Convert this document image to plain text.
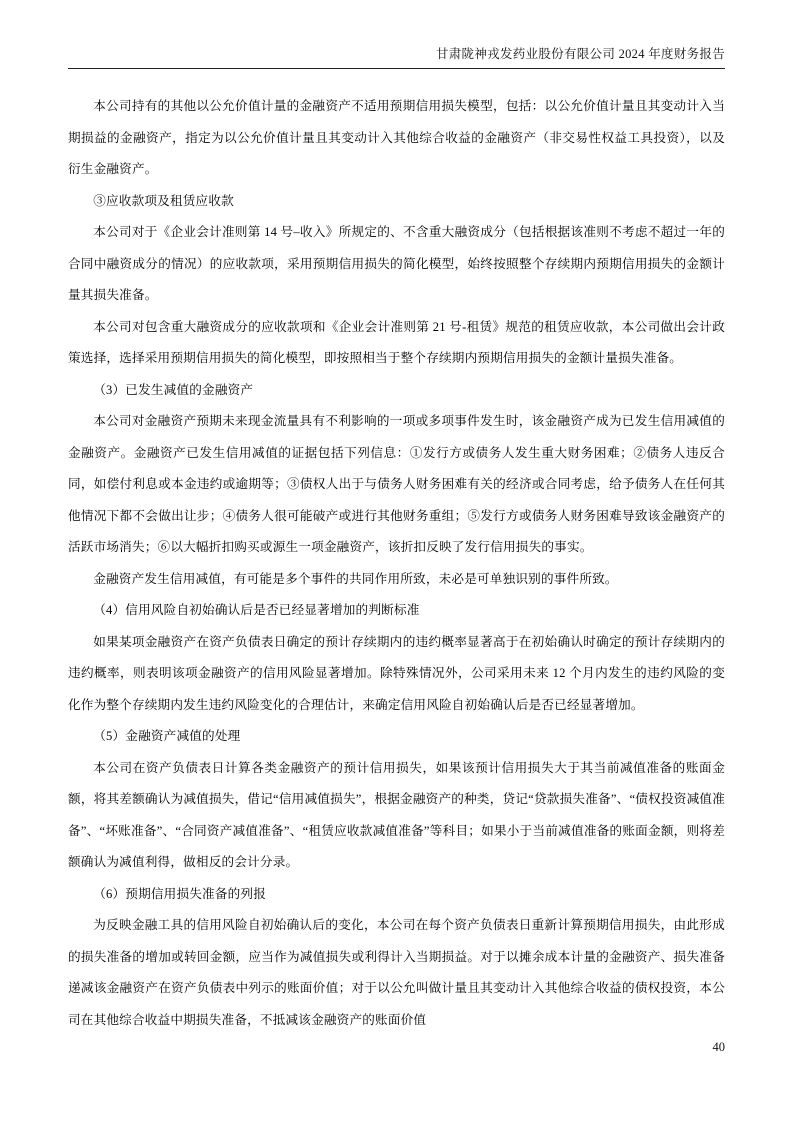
甘肃陇神戎发药业股份有限公司 2024 年度财务报告

本公司持有的其他以公允价值计量的金融资产不适用预期信用损失模型，包括：以公允价值计量且其变动计入当期损益的金融资产，指定为以公允价值计量且其变动计入其他综合收益的金融资产（非交易性权益工具投资），以及衍生金融资产。

③应收款项及租赁应收款

本公司对于《企业会计准则第 14 号–收入》所规定的、不含重大融资成分（包括根据该准则不考虑不超过一年的合同中融资成分的情况）的应收款项，采用预期信用损失的简化模型，始终按照整个存续期内预期信用损失的金额计量其损失准备。

本公司对包含重大融资成分的应收款项和《企业会计准则第 21 号‑租赁》规范的租赁应收款，本公司做出会计政策选择，选择采用预期信用损失的简化模型，即按照相当于整个存续期内预期信用损失的金额计量损失准备。

（3）已发生减值的金融资产

本公司对金融资产预期未来现金流量具有不利影响的一项或多项事件发生时，该金融资产成为已发生信用减值的金融资产。金融资产已发生信用减值的证据包括下列信息：①发行方或债务人发生重大财务困难；②债务人违反合同，如偿付利息或本金违约或逾期等；③债权人出于与债务人财务困难有关的经济或合同考虑，给予债务人在任何其他情况下都不会做出让步；④债务人很可能破产或进行其他财务重组；⑤发行方或债务人财务困难导致该金融资产的活跃市场消失；⑥以大幅折扣购买或源生一项金融资产，该折扣反映了发行信用损失的事实。

金融资产发生信用减值，有可能是多个事件的共同作用所致，未必是可单独识别的事件所致。

（4）信用风险自初始确认后是否已经显著增加的判断标准

如果某项金融资产在资产负债表日确定的预计存续期内的违约概率显著高于在初始确认时确定的预计存续期内的违约概率，则表明该项金融资产的信用风险显著增加。除特殊情况外，公司采用未来 12 个月内发生的违约风险的变化作为整个存续期内发生违约风险变化的合理估计，来确定信用风险自初始确认后是否已经显著增加。

（5）金融资产减值的处理

本公司在资产负债表日计算各类金融资产的预计信用损失，如果该预计信用损失大于其当前减值准备的账面金额，将其差额确认为减值损失，借记“信用减值损失”，根据金融资产的种类，贷记“贷款损失准备”、“债权投资减值准备”、“坏账准备”、“合同资产减值准备”、“租赁应收款减值准备”等科目；如果小于当前减值准备的账面金额，则将差额确认为减值利得，做相反的会计分录。

（6）预期信用损失准备的列报

为反映金融工具的信用风险自初始确认后的变化，本公司在每个资产负债表日重新计算预期信用损失，由此形成的损失准备的增加或转回金额，应当作为减值损失或利得计入当期损益。对于以摊余成本计量的金融资产、损失准备递减该金融资产在资产负债表中列示的账面价值；对于以公允叫做计量且其变动计入其他综合收益的债权投资，本公司在其他综合收益中期损失准备，不抵减该金融资产的账面价值

40
